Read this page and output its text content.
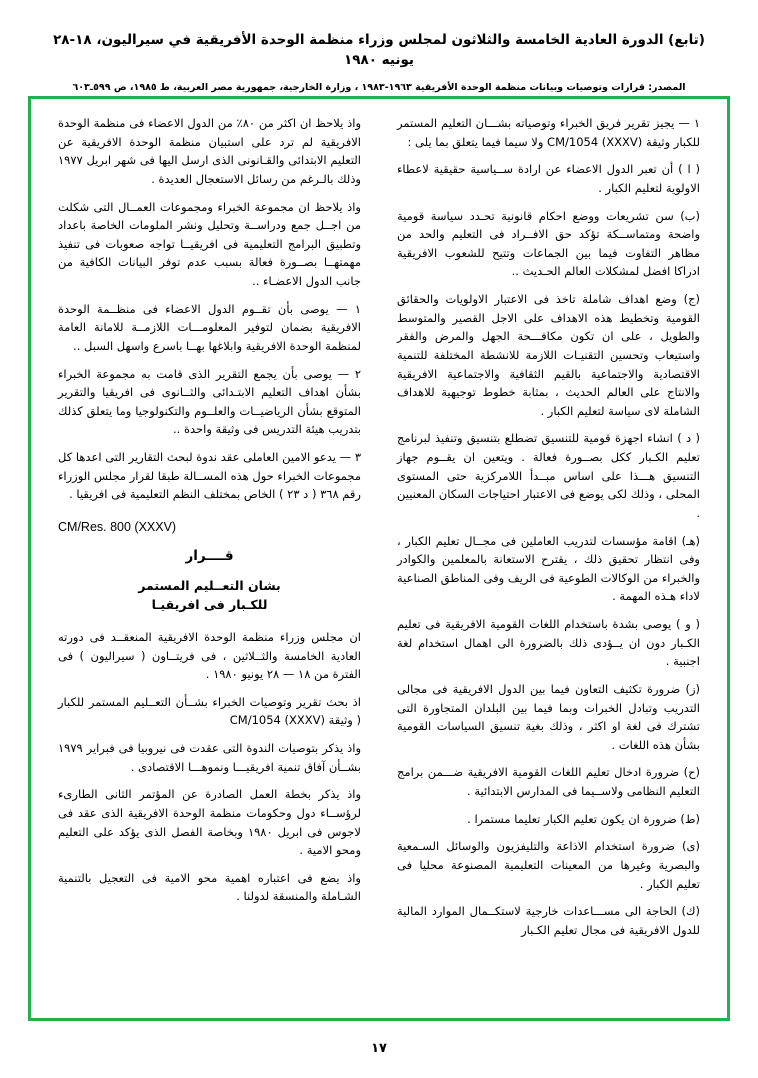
(تابع) الدورة العادية الخامسة والثلاثون لمجلس وزراء منظمة الوحدة الأفريقية في سيراليون، ١٨-٢٨ يونيه ١٩٨٠

المصدر: قرارات وتوصيات وبيانات منظمة الوحدة الأفريقية ١٩٦٣-١٩٨٣ ، وزارة الخارجية، جمهورية مصر العربية، ط ١٩٨٥، ص ٥٩٩ـ٦٠٣

١ — يجيز تقرير فريق الخبراء وتوصياته بشـــان التعليم المستمر للكبار وثيقة (CM/1054 (XXXV ولا سيما فيما يتعلق بما يلى :

( ا ) أن تعبر الدول الاعضاء عن ارادة ســياسية حقيقية لاعطاء الاولوية لتعليم الكبار .

(ب) سن تشريعات ووضع احكام قانونية تحـدد سياسة قومية واضحة ومتماســكة تؤكد حق الافــراد فى التعليم والحد من مظاهر التفاوت فيما بين الجماعات وتتيح للشعوب الافريقية ادراكا افضل لمشكلات العالم الحـديث ..

(ج) وضع اهداف شاملة تاخذ فى الاعتبار الاولويات والحقائق القومية وتخطيط هذه الاهداف على الاجل القصير والمتوسط والطويل ، على ان تكون مكافـــحة الجهل والمرض والفقر واستيعاب وتحسين التقنيـات اللازمة للانشطة المختلفة للتنمية الاقتصادية والاجتماعية بالقيم الثقافية والاجتماعية الافريقية والانتاج على العالم الحديث ، بمثابة خطوط توجيهية للاهداف الشاملة لاى سياسة لتعليم الكبار .

( د ) انشاء اجهزة قومية للتنسيق تضطلع بتنسيق وتنفيذ لبرنامج تعليم الكـبار ككل بصــورة فعالة . ويتعين ان يقــوم جهاز التنسيق هـــذا على اساس مبــدأ اللامركزية حتى المستوى المحلى ، وذلك لكى يوضع فى الاعتبار احتياجات السكان المعنيين .

(هـ) اقامة مؤسسات لتدريب العاملين فى مجــال تعليم الكبار ، وفى انتظار تحقيق ذلك ، يقترح الاستعانة بالمعلمين والكوادر والخبراء من الوكالات الطوعية فى الريف وفى المناطق الصناعية لاداء هـذه المهمة .

( و ) يوصى بشدة باستخدام اللغات القومية الافريقية فى تعليم الكـبار دون ان يــؤدى ذلك بالضرورة الى اهمال استخدام لغة اجنبية .

(ز) ضرورة تكثيف التعاون فيما بين الدول الافريقية فى مجالى التدريب وتبادل الخبرات وبما فيما بين البلدان المتجاورة التى تشترك فى لغة او اكثر ، وذلك بغية تنسيق السياسات القومية بشأن هذه اللغات .

(ح) ضرورة ادخال تعليم اللغات القومية الافريقية ضـــمن برامج التعليم النظامى ولاســيما فى المدارس الابتدائية .

(ط) ضرورة ان يكون تعليم الكبار تعليما مستمرا .

(ى) ضرورة استخدام الاذاعة والتليفزيون والوسائل السـمعية والبصرية وغيرها من المعينات التعليمية المصنوعة محليا فى تعليم الكبار .

(ك) الحاجة الى مســـاعدات خارجية لاستكــمال الموارد المالية للدول الافريقية فى مجال تعليم الكـبار

واذ يلاحظ ان اكثر من ٨٠٪ من الدول الاعضاء فى منظمة الوحدة الافريقية لم ترد على استبيان منظمة الوحدة الافريقية عن التعليم الابتدائى والقـانونى الذى ارسل اليها فى شهر ابريل ١٩٧٧ وذلك بالـرغم من رسائل الاستعجال العديدة .

واذ يلاحظ ان مجموعة الخبراء ومجموعات العمــال التى شكلت من اجــل جمع ودراســة وتحليل ونشر الملومات الخاصة باعداد وتطبيق البرامج التعليمية فى افريقيــا تواجه صعوبات فى تنفيذ مهمتهــا بصــورة فعالة بسبب عدم توفر البيانات الكافية من جانب الدول الاعضـاء ..

١ — يوصى بأن تقــوم الدول الاعضاء فى منظــمة الوحدة الافريقية بضمان لتوفير المعلومـــات اللازمــة للامانة العامة لمنظمة الوحدة الافريقية وابلاغها بهــا باسرع واسهل السبل ..

٢ — يوصى بأن يجمع التقرير الذى قامت به مجموعة الخبراء بشأن اهداف التعليم الابتـدائى والثــانوى فى افريقيا والتقرير المتوقع بشأن الرياضيــات والعلــوم والتكنولوجيا وما يتعلق كذلك بتدريب هيئة التدريس فى وثيقة واحدة ..

٣ — يدعو الامين العاملى عقد ندوة لبحث التقارير التى اعدها كل مجموعات الخبراء حول هذه المســالة طبقا لقرار مجلس الوزراء رقم ٣٦٨ ( د ٢٣ ) الخاص بمختلف النظم التعليمية فى افريقيا .

CM/Res. 800 (XXXV)

قــــرار

بشان التعــليم المستمر

للكـبار فى افريقيـا

ان مجلس وزراء منظمة الوحدة الافريقية المنعقــد فى دورته العادية الخامسة والثــلاثين ، فى فريتــاون ( سيراليون ) فى الفترة من ١٨ — ٢٨ يونيو ١٩٨٠ .

اذ بحث تقرير وتوصيات الخبراء بشــأن التعــليم المستمر للكبار ( وثيقة (CM/1054 (XXXV

واذ يذكر بتوصيات الندوة التى عقدت فى نيروبيا فى فبراير ١٩٧٩ بشــأن آفاق تنمية افريقيـــا ونموهـــا الاقتصادى .

واذ يذكر بخطة العمل الصادرة عن المؤتمر الثانى الطارىء لرؤســاء دول وحكومات منظمة الوحدة الافريقية الذى عقد فى لاجوس فى ابريل ١٩٨٠ وبخاصة الفصل الذى يؤكد على التعليم ومحو الامية .

واذ يضع فى اعتباره اهمية محو الامية فى التعجيل بالتنمية الشـاملة والمنسقة لدولنا .

١٧
